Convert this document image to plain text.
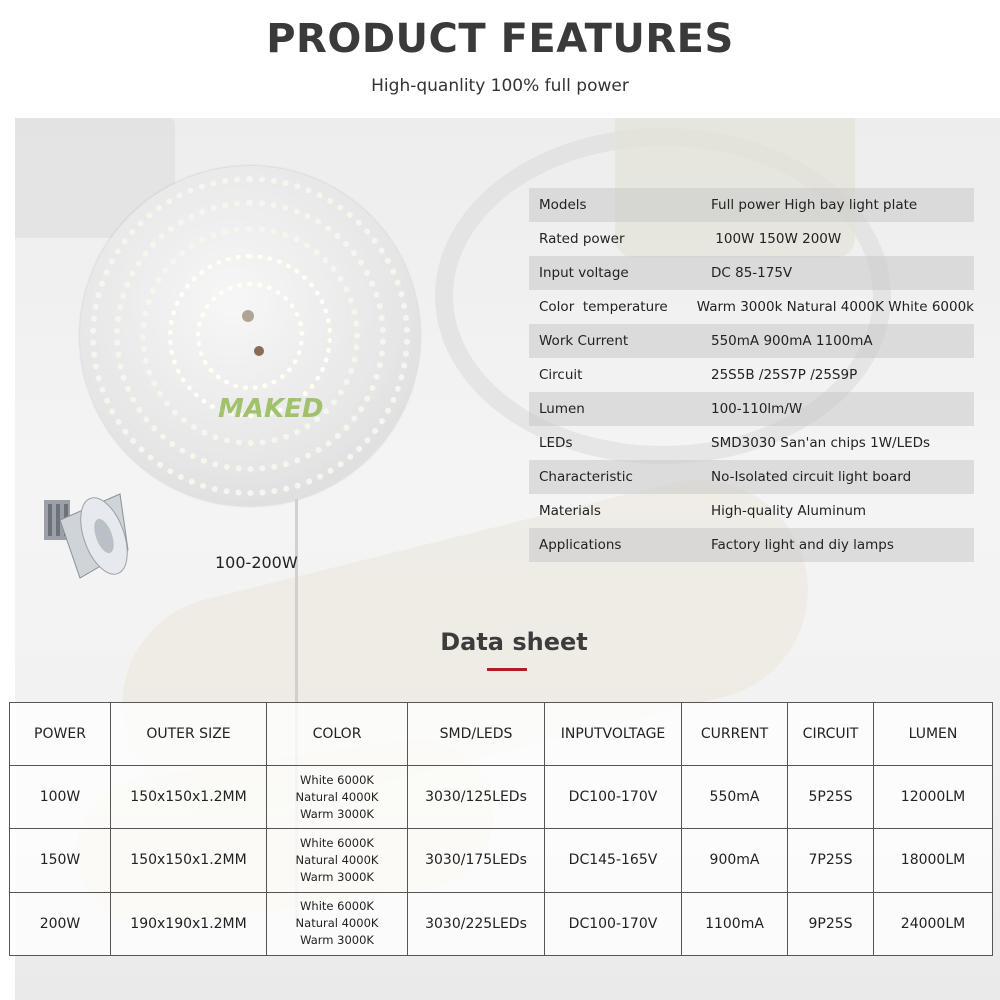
PRODUCT FEATURES
High-quanlity 100% full power
MAKED
100-200W
Models	Full power High bay light plate
Rated power	100W 150W 200W
Input voltage	DC 85-175V
Color  temperature	Warm 3000k Natural 4000K White 6000k
Work Current	550mA 900mA 1100mA
Circuit	25S5B /25S7P /25S9P
Lumen	100-110lm/W
LEDs	SMD3030 San'an chips 1W/LEDs
Characteristic	No-Isolated circuit light board
Materials	High-quality Aluminum
Applications	Factory light and diy lamps
Data sheet
POWER	OUTER SIZE	COLOR	SMD/LEDS	INPUTVOLTAGE	CURRENT	CIRCUIT	LUMEN
100W	150x150x1.2MM	White 6000K
Natural 4000K
Warm 3000K	3030/125LEDs	DC100-170V	550mA	5P25S	12000LM
150W	150x150x1.2MM	White 6000K
Natural 4000K
Warm 3000K	3030/175LEDs	DC145-165V	900mA	7P25S	18000LM
200W	190x190x1.2MM	White 6000K
Natural 4000K
Warm 3000K	3030/225LEDs	DC100-170V	1100mA	9P25S	24000LM
